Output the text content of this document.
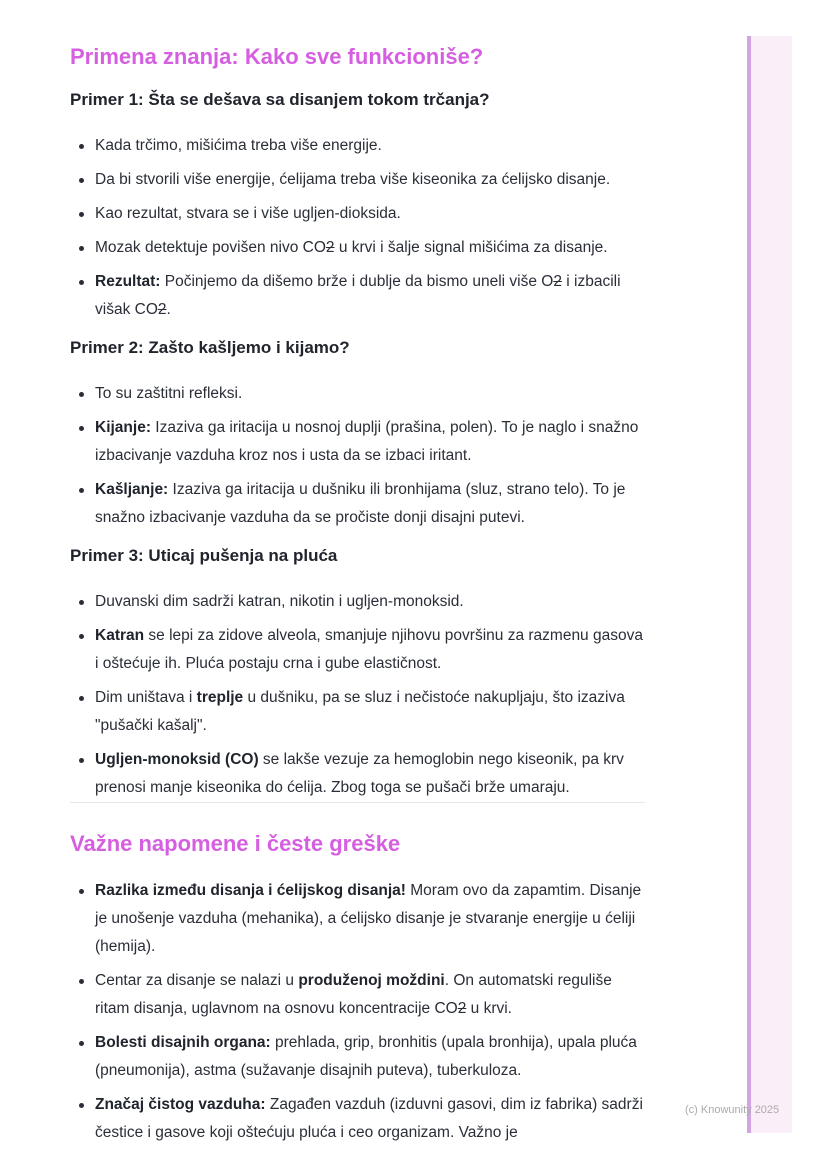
Primena znanja: Kako sve funkcioniše?
Primer 1: Šta se dešava sa disanjem tokom trčanja?
Kada trčimo, mišićima treba više energije.
Da bi stvorili više energije, ćelijama treba više kiseonika za ćelijsko disanje.
Kao rezultat, stvara se i više ugljen-dioksida.
Mozak detektuje povišen nivo CO2 u krvi i šalje signal mišićima za disanje.
Rezultat: Počinjemo da dišemo brže i dublje da bismo uneli više O2 i izbacili višak CO2.
Primer 2: Zašto kašljemo i kijamo?
To su zaštitni refleksi.
Kijanje: Izaziva ga iritacija u nosnoj duplji (prašina, polen). To je naglo i snažno izbacivanje vazduha kroz nos i usta da se izbaci iritant.
Kašljanje: Izaziva ga iritacija u dušniku ili bronhijama (sluz, strano telo). To je snažno izbacivanje vazduha da se pročiste donji disajni putevi.
Primer 3: Uticaj pušenja na pluća
Duvanski dim sadrži katran, nikotin i ugljen-monoksid.
Katran se lepi za zidove alveola, smanjuje njihovu površinu za razmenu gasova i oštećuje ih. Pluća postaju crna i gube elastičnost.
Dim uništava i treplje u dušniku, pa se sluz i nečistoće nakupljaju, što izaziva "pušački kašalj".
Ugljen-monoksid (CO) se lakše vezuje za hemoglobin nego kiseonik, pa krv prenosi manje kiseonika do ćelija. Zbog toga se pušači brže umaraju.
Važne napomene i česte greške
Razlika između disanja i ćelijskog disanja! Moram ovo da zapamtim. Disanje je unošenje vazduha (mehanika), a ćelijsko disanje je stvaranje energije u ćeliji (hemija).
Centar za disanje se nalazi u produženoj moždini. On automatski reguliše ritam disanja, uglavnom na osnovu koncentracije CO2 u krvi.
Bolesti disajnih organa: prehlada, grip, bronhitis (upala bronhija), upala pluća (pneumonija), astma (sužavanje disajnih puteva), tuberkuloza.
Značaj čistog vazduha: Zagađen vazduh (izduvni gasovi, dim iz fabrika) sadrži čestice i gasove koji oštećuju pluća i ceo organizam. Važno je
(c) Knowunity 2025
